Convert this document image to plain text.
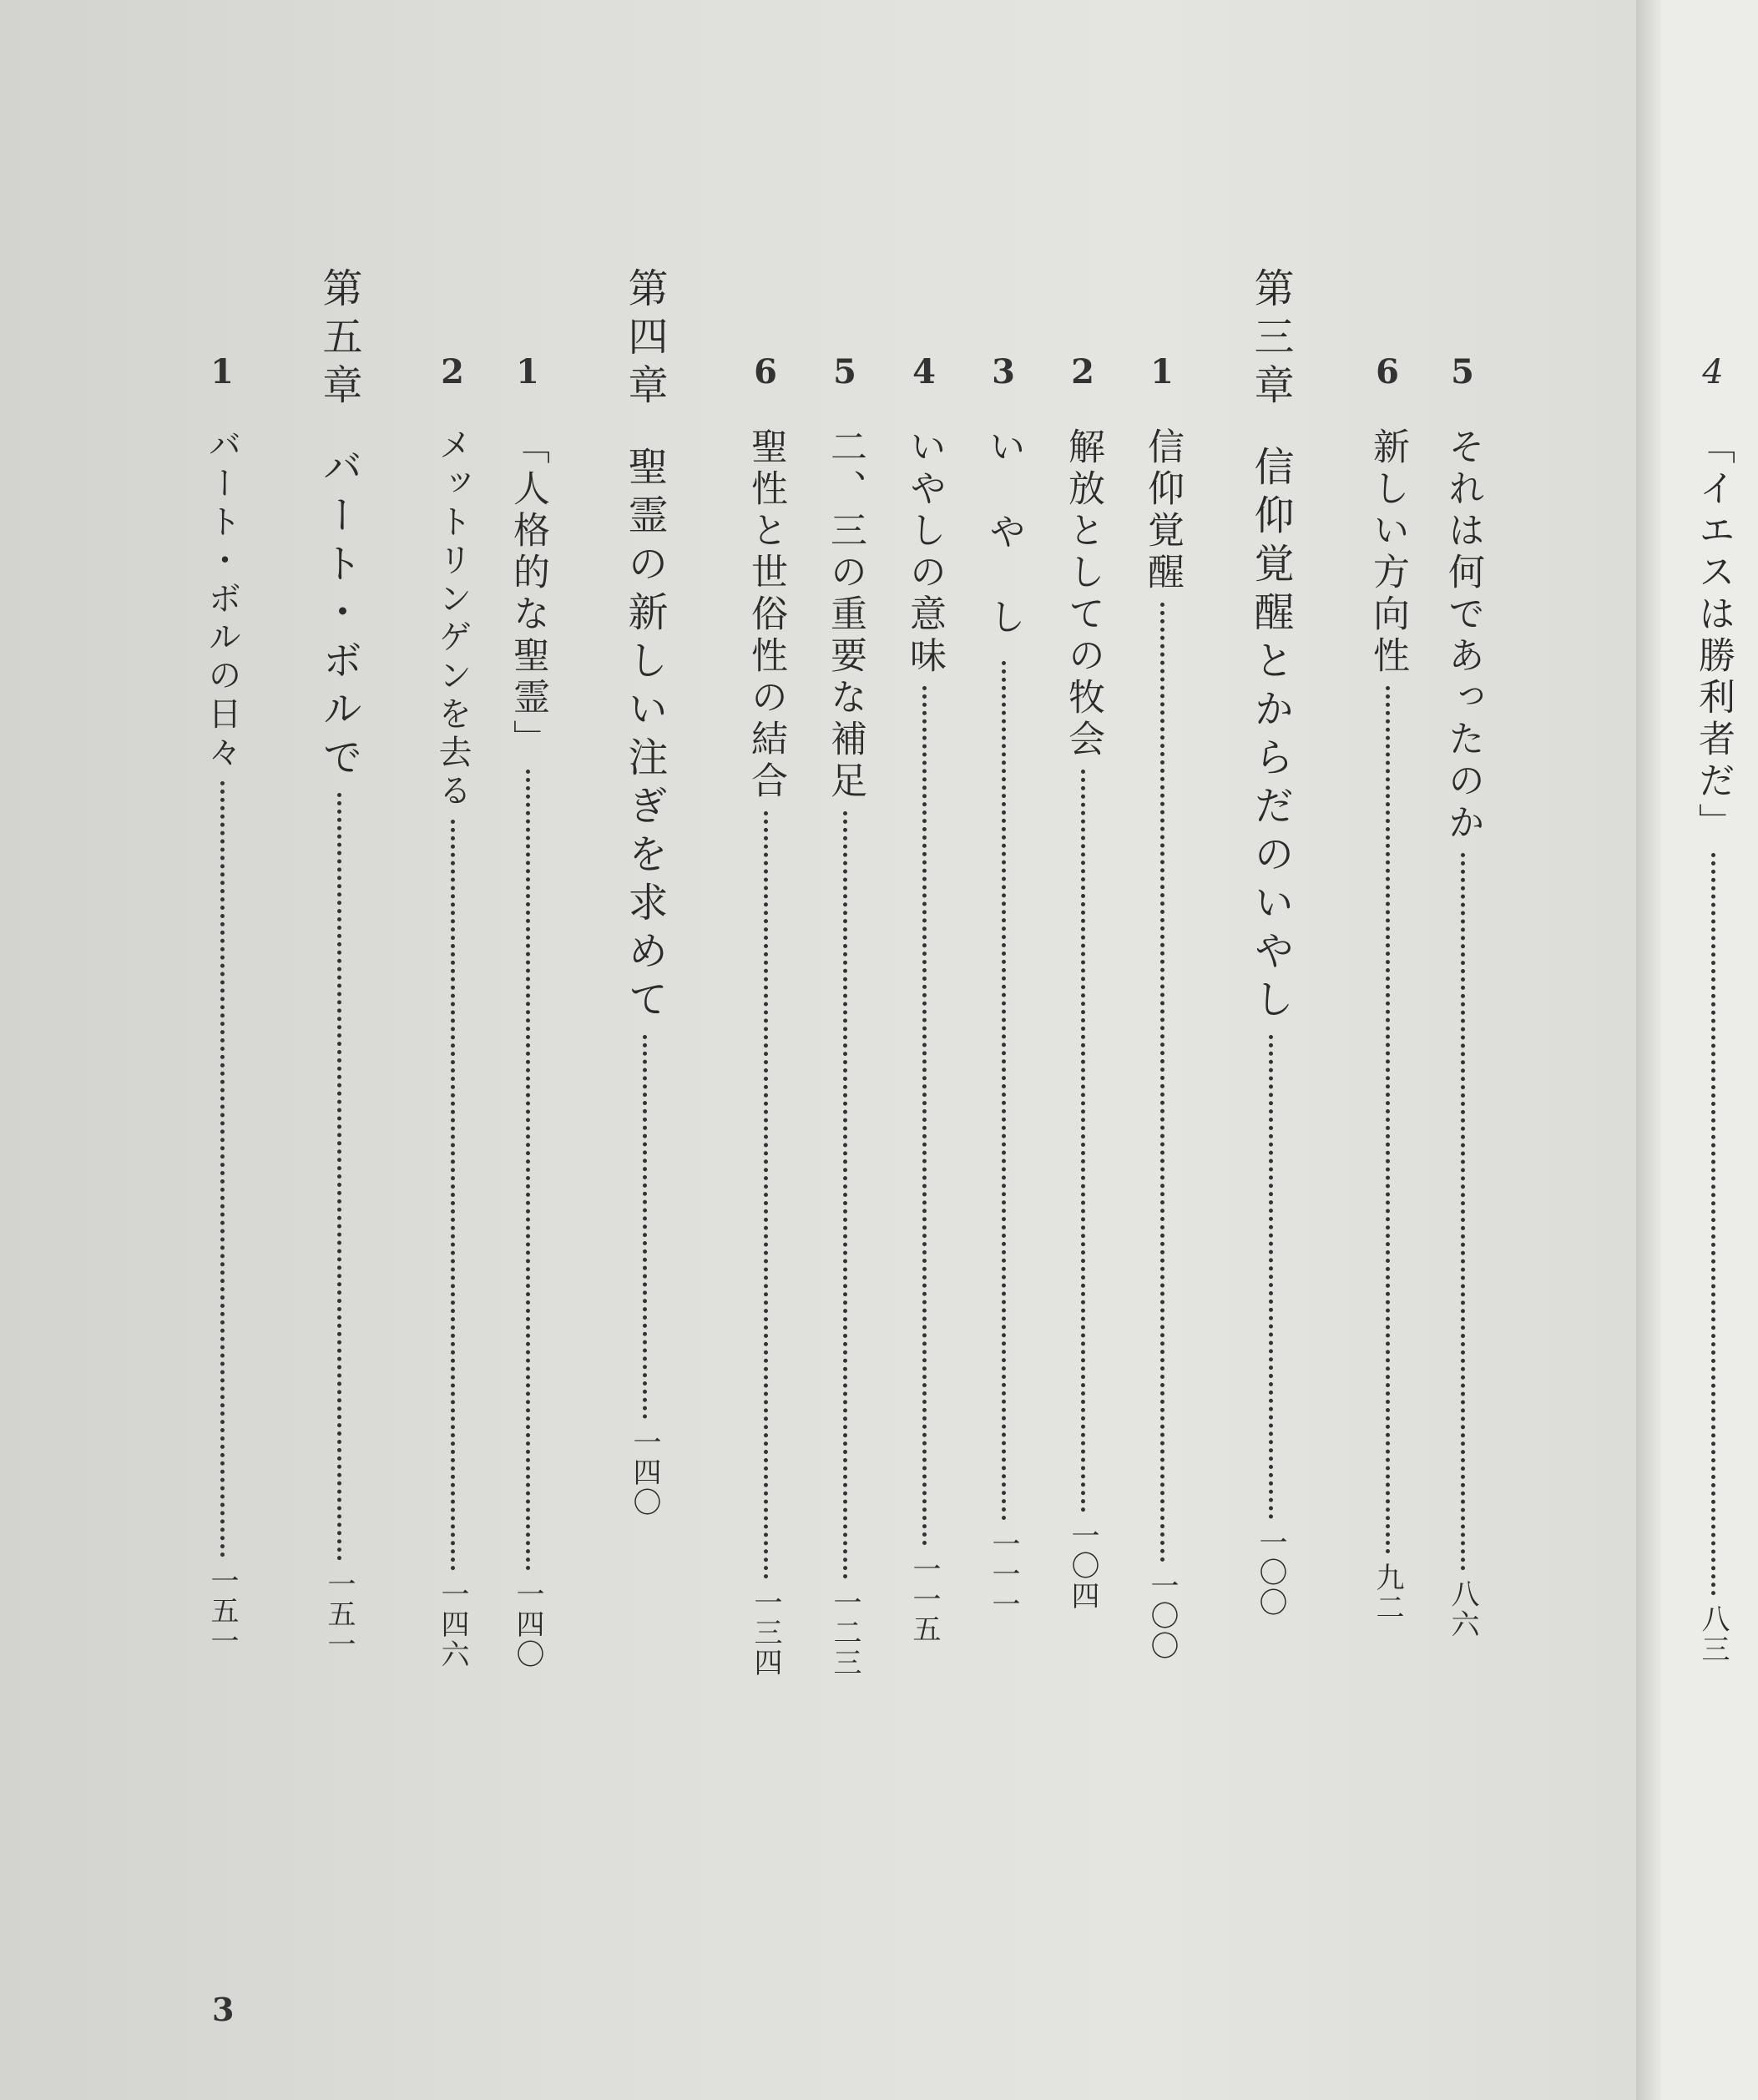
4
「イエスは勝利者だ」
八三
5
それは何であったのか
八六
6
新しい方向性
九二
第三章
信仰覚醒とからだのいやし
一〇〇
1
信仰覚醒
一〇〇
2
解放としての牧会
一〇四
3
い や し
一一一
4
いやしの意味
一一五
5
二、三の重要な補足
一二三
6
聖性と世俗性の結合
一三四
第四章
聖霊の新しい注ぎを求めて
一四〇
1
「人格的な聖霊」
一四〇
2
メットリンゲンを去る
一四六
第五章
バート・ボルで
一五一
1
バート・ボルの日々
一五一
3
